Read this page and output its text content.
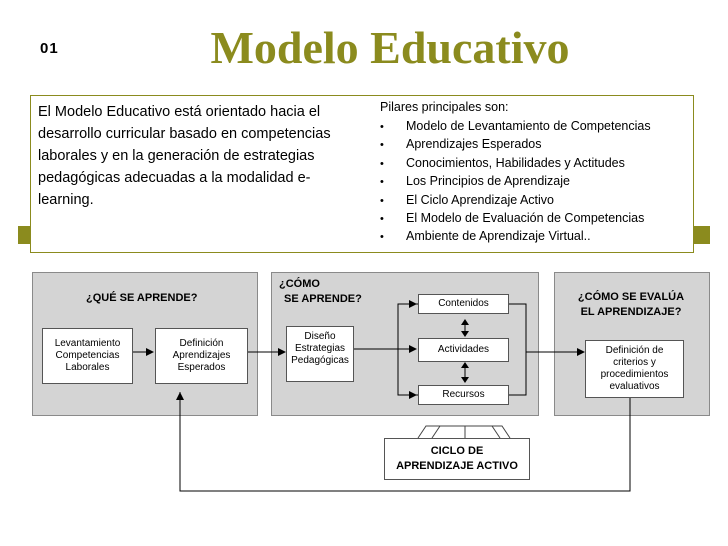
01	Modelo Educativo
El Modelo Educativo está orientado hacia el desarrollo curricular basado en competencias laborales y en la generación de estrategias pedagógicas adecuadas a la modalidad e-learning.
Pilares principales son:
• Modelo de Levantamiento de Competencias
• Aprendizajes Esperados
• Conocimientos, Habilidades y Actitudes
• Los Principios de Aprendizaje
• El Ciclo Aprendizaje Activo
• El Modelo de Evaluación de Competencias
• Ambiente de Aprendizaje Virtual..
¿QUÉ SE APRENDE?
¿CÓMO
SE APRENDE?	¿CÓMO SE EVALÚA
EL APRENDIZAJE?
Levantamiento Competencias Laborales
Definición Aprendizajes Esperados
Diseño Estrategias Pedagógicas
Contenidos
Actividades
Recursos
Definición de criterios y procedimientos evaluativos
CICLO DE
APRENDIZAJE ACTIVO
